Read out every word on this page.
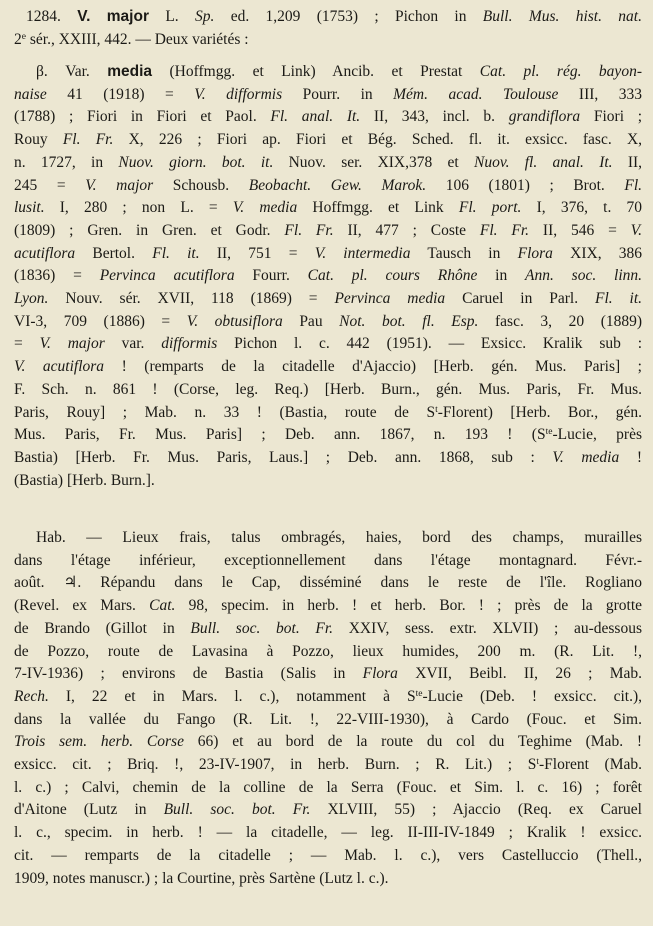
1284. V. major L. Sp. ed. 1,209 (1753) ; Pichon in Bull. Mus. hist. nat.
2e sér., XXIII, 442. — Deux variétés :
β. Var. media (Hoffmgg. et Link) Ancib. et Prestat Cat. pl. rég. bayon-
naise 41 (1918) = V. difformis Pourr. in Mém. acad. Toulouse III, 333
(1788) ; Fiori in Fiori et Paol. Fl. anal. It. II, 343, incl. b. grandiflora Fiori ;
Rouy Fl. Fr. X, 226 ; Fiori ap. Fiori et Bég. Sched. fl. it. exsicc. fasc. X,
n. 1727, in Nuov. giorn. bot. it. Nuov. ser. XIX,378 et Nuov. fl. anal. It. II,
245 = V. major Schousb. Beobacht. Gew. Marok. 106 (1801) ; Brot. Fl.
lusit. I, 280 ; non L. = V. media Hoffmgg. et Link Fl. port. I, 376, t. 70
(1809) ; Gren. in Gren. et Godr. Fl. Fr. II, 477 ; Coste Fl. Fr. II, 546 = V.
acutiflora Bertol. Fl. it. II, 751 = V. intermedia Tausch in Flora XIX, 386
(1836) = Pervinca acutiflora Fourr. Cat. pl. cours Rhône in Ann. soc. linn.
Lyon. Nouv. sér. XVII, 118 (1869) = Pervinca media Caruel in Parl. Fl. it.
VI-3, 709 (1886) = V. obtusiflora Pau Not. bot. fl. Esp. fasc. 3, 20 (1889)
= V. major var. difformis Pichon l. c. 442 (1951). — Exsicc. Kralik sub :
V. acutiflora ! (remparts de la citadelle d'Ajaccio) [Herb. gén. Mus. Paris] ;
F. Sch. n. 861 ! (Corse, leg. Req.) [Herb. Burn., gén. Mus. Paris, Fr. Mus.
Paris, Rouy] ; Mab. n. 33 ! (Bastia, route de $S^t-Florent$) [Herb. Bor., gén.
Mus. Paris, Fr. Mus. Paris] ; Deb. ann. 1867, n. 193 ! ($S^{te}$-Lucie, près
Bastia) [Herb. Fr. Mus. Paris, Laus.] ; Deb. ann. 1868, sub : V. media !
(Bastia) [Herb. Burn.].
Hab. — Lieux frais, talus ombragés, haies, bord des champs, murailles
dans l'étage inférieur, exceptionnellement dans l'étage montagnard. Févr.-
août. ♃. Répandu dans le Cap, disséminé dans le reste de l'île. Rogliano
(Revel. ex Mars. Cat. 98, specim. in herb. ! et herb. Bor. ! ; près de la grotte
de Brando (Gillot in Bull. soc. bot. Fr. XXIV, sess. extr. XLVII) ; au-dessous
de Pozzo, route de Lavasina à Pozzo, lieux humides, 200 m. (R. Lit. !,
7-IV-1936) ; environs de Bastia (Salis in Flora XVII, Beibl. II, 26 ; Mab.
Rech. I, 22 et in Mars. l. c.), notamment à $S^{te}$-Lucie (Deb. ! exsicc. cit.),
dans la vallée du Fango (R. Lit. !, 22-VIII-1930), à Cardo (Fouc. et Sim.
Trois sem. herb. Corse 66) et au bord de la route du col du Teghime (Mab. !
exsicc. cit. ; Briq. !, 23-IV-1907, in herb. Burn. ; R. Lit.) ; $S^t$-Florent (Mab.
l. c.) ; Calvi, chemin de la colline de la Serra (Fouc. et Sim. l. c. 16) ; forêt
d'Aitone (Lutz in Bull. soc. bot. Fr. XLVIII, 55) ; Ajaccio (Req. ex Caruel
l. c., specim. in herb. ! — la citadelle, — leg. II-III-IV-1849 ; Kralik ! exsicc.
cit. — remparts de la citadelle ; — Mab. l. c.), vers Castelluccio (Thell.,
1909, notes manuscr.) ; la Courtine, près Sartène (Lutz l. c.).
